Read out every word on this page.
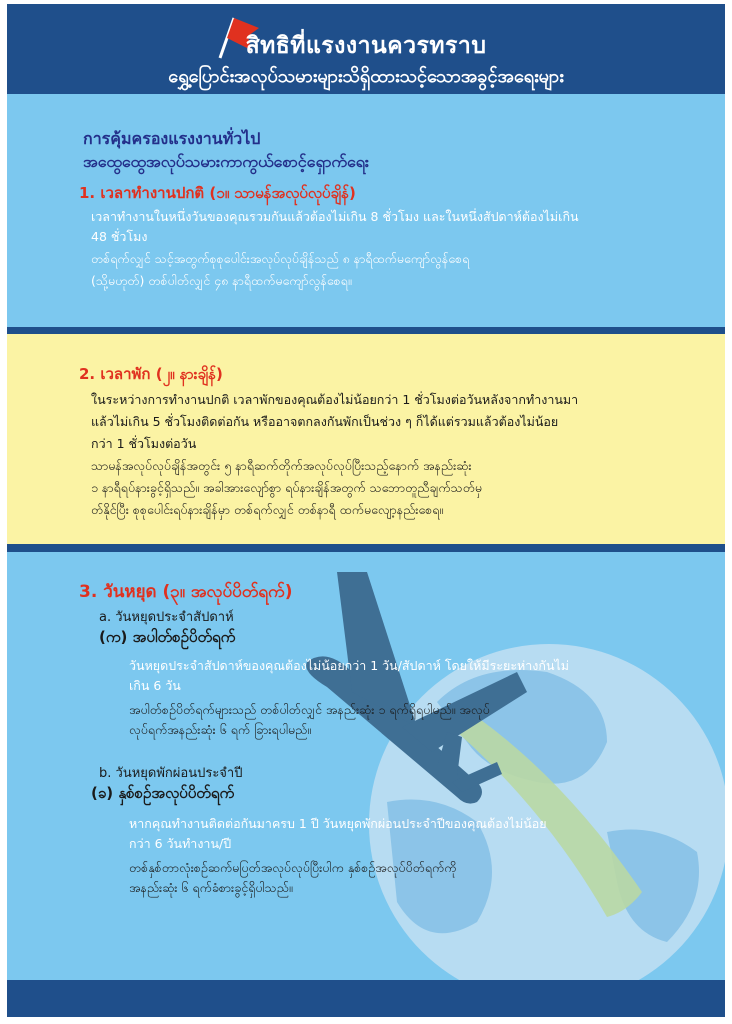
สิทธิที่แรงงานควรทราบ
ရွှေ့ပြောင်းအလုပ်သမားများသိရှိထားသင့်သောအခွင့်အရေးများ
การคุ้มครองแรงงานทั่วไป
အထွေထွေအလုပ်သမားကာကွယ်စောင့်ရှောက်ရေး
1. เวลาทำงานปกติ (၁။ သာမန်အလုပ်လုပ်ချိန်)
เวลาทำงานในหนึ่งวันของคุณรวมกันแล้วต้องไม่เกิน 8 ชั่วโมง และในหนึ่งสัปดาห์ต้องไม่เกิน
48 ชั่วโมง
တစ်ရက်လျှင် သင့်အတွက်စုစုပေါင်းအလုပ်လုပ်ချိန်သည် ၈ နာရီထက်မကျော်လွန်စေရ
(သို့မဟုတ်) တစ်ပါတ်လျှင် ၄၈ နာရီထက်မကျော်လွန်စေရ။
2. เวลาพัก (၂။ နားချိန်)
ในระหว่างการทำงานปกติ เวลาพักของคุณต้องไม่น้อยกว่า 1 ชั่วโมงต่อวันหลังจากทำงานมา
แล้วไม่เกิน 5 ชั่วโมงติดต่อกัน หรืออาจตกลงกันพักเป็นช่วง ๆ ก็ได้แต่รวมแล้วต้องไม่น้อย
กว่า 1 ชั่วโมงต่อวัน
သာမန်အလုပ်လုပ်ချိန်အတွင်း ၅ နာရီဆက်တိုက်အလုပ်လုပ်ပြီးသည့်နောက် အနည်းဆုံး
၁ နာရီရပ်နားခွင့်ရှိသည်။ အခါအားလျော်စွာ ရပ်နားချိန်အတွက် သဘောတူညီချက်သတ်မှ
တ်နိုင်ပြီး စုစုပေါင်းရပ်နားချိန်မှာ တစ်ရက်လျှင် တစ်နာရီ ထက်မလျော့နည်းစေရ။
3. วันหยุด (၃။ အလုပ်ပိတ်ရက်)
a. วันหยุดประจำสัปดาห์
(က) အပါတ်စဉ်ပိတ်ရက်
วันหยุดประจำสัปดาห์ของคุณต้องไม่น้อยกว่า 1 วัน/สัปดาห์ โดยให้มีระยะห่างกันไม่
เกิน 6 วัน
အပါတ်စဉ်ပိတ်ရက်များသည် တစ်ပါတ်လျှင် အနည်းဆုံး ၁ ရက်ရှိရပါမည်။ အလုပ်
လုပ်ရက်အနည်းဆုံး ၆ ရက် ခြားရပါမည်။
b. วันหยุดพักผ่อนประจำปี
(ခ) နှစ်စဉ်အလုပ်ပိတ်ရက်
หากคุณทำงานติดต่อกันมาครบ 1 ปี วันหยุดพักผ่อนประจำปีของคุณต้องไม่น้อย
กว่า 6 วันทำงาน/ปี
တစ်နှစ်တာလုံးစဉ်ဆက်မပြတ်အလုပ်လုပ်ပြီးပါက နှစ်စဉ်အလုပ်ပိတ်ရက်ကို
အနည်းဆုံး ၆ ရက်ခံစားခွင့်ရှိပါသည်။
